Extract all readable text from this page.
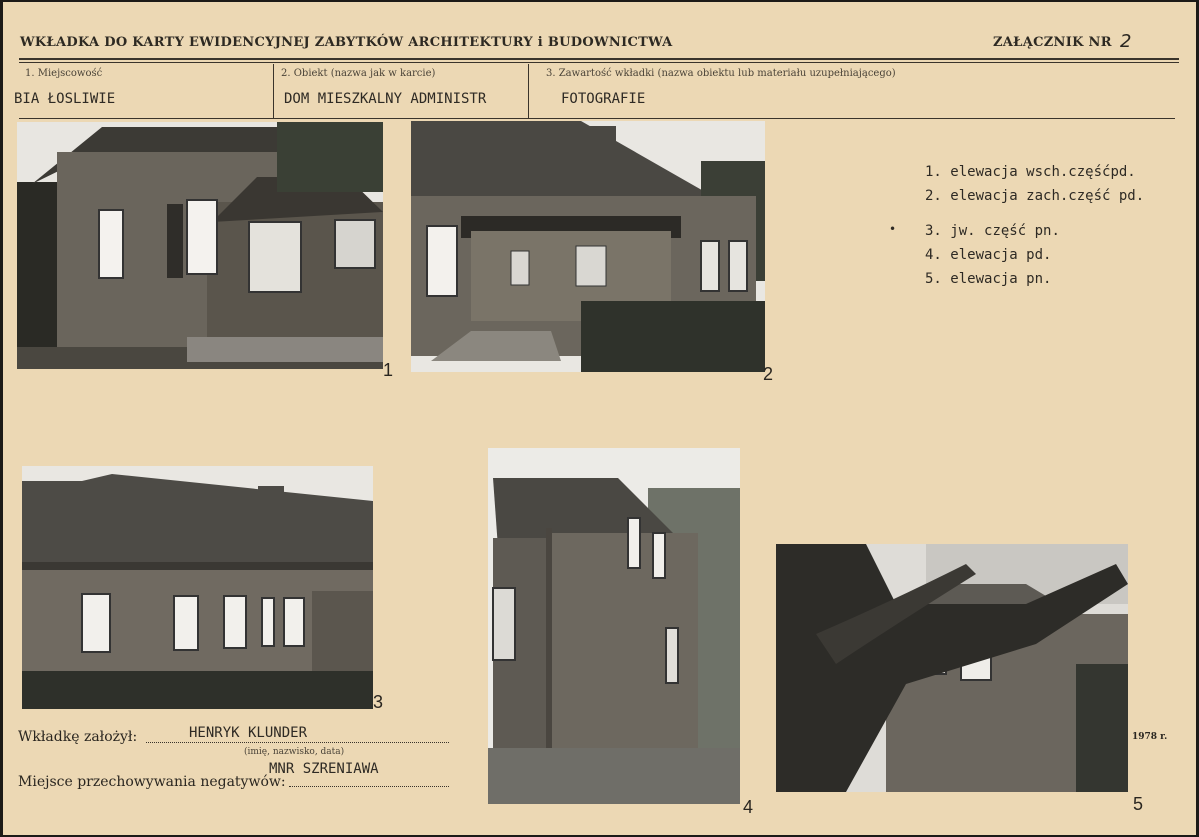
WKŁADKA DO KARTY EWIDENCYJNEJ ZABYTKÓW ARCHITEKTURY i BUDOWNICTWA	ZAŁĄCZNIK NR 2
1. Miejscowość	2. Obiekt (nazwa jak w karcie)	3. Zawartość wkładki (nazwa obiektu lub materiału uzupełniającego)
BIA ŁOSLIWIE	DOM MIESZKALNY ADMINISTR	FOTOGRAFIE
1	2
3
4	5
1. elewacja wsch.częśćpd.
2. elewacja zach.część pd.
3. jw. część pn.
4. elewacja pd.
5. elewacja pn.
•
Wkładkę założył:	HENRYK KLUNDER
(imię, nazwisko, data)
Miejsce przechowywania negatywów:
MNR SZRENIAWA
1978 r.
